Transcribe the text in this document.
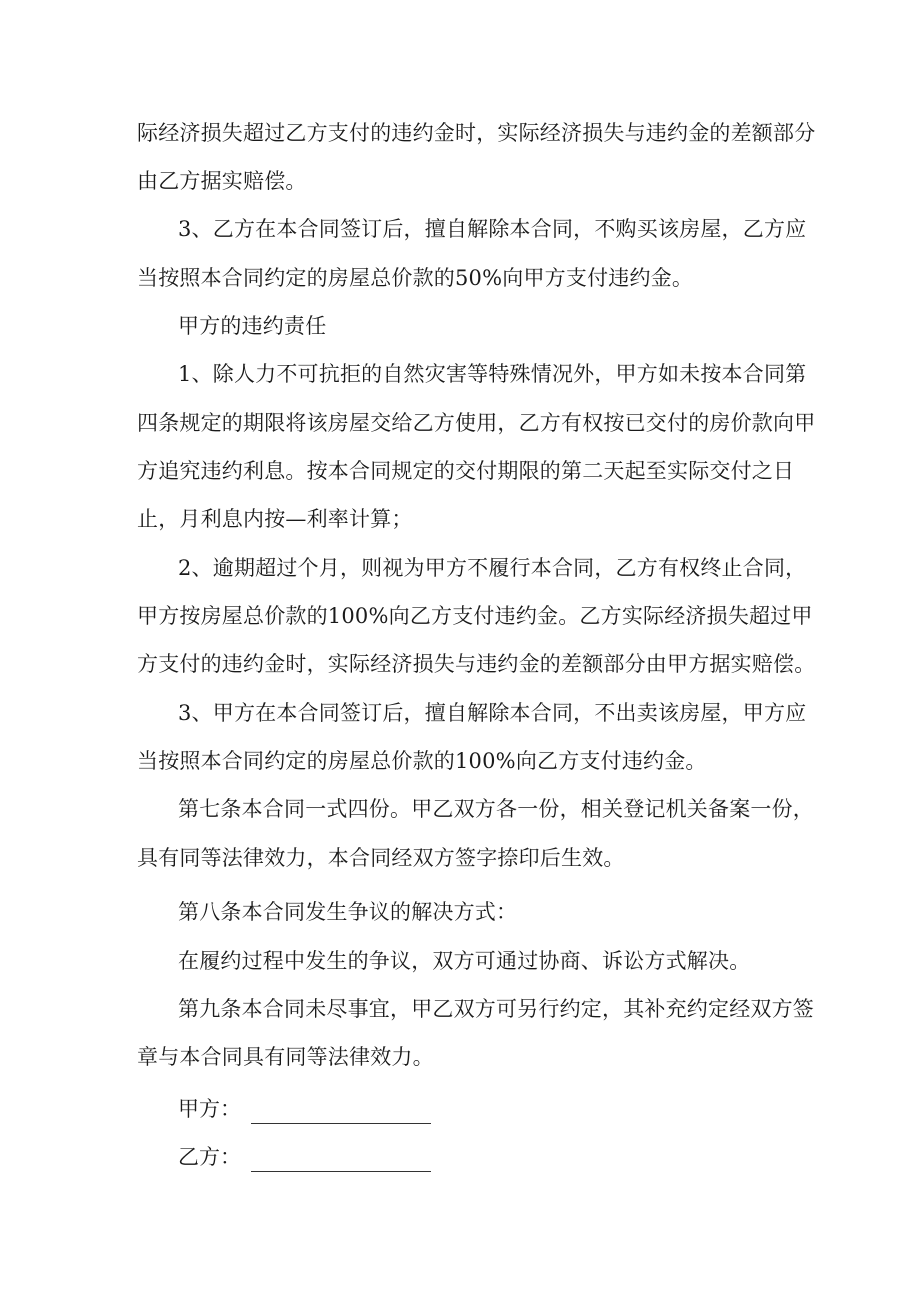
际经济损失超过乙方支付的违约金时，实际经济损失与违约金的差额部分
由乙方据实赔偿。
3、乙方在本合同签订后，擅自解除本合同，不购买该房屋，乙方应
当按照本合同约定的房屋总价款的50%向甲方支付违约金。
甲方的违约责任
1、除人力不可抗拒的自然灾害等特殊情况外，甲方如未按本合同第
四条规定的期限将该房屋交给乙方使用，乙方有权按已交付的房价款向甲
方追究违约利息。按本合同规定的交付期限的第二天起至实际交付之日
止，月利息内按—利率计算；
2、逾期超过个月，则视为甲方不履行本合同，乙方有权终止合同，
甲方按房屋总价款的100%向乙方支付违约金。乙方实际经济损失超过甲
方支付的违约金时，实际经济损失与违约金的差额部分由甲方据实赔偿。
3、甲方在本合同签订后，擅自解除本合同，不出卖该房屋，甲方应
当按照本合同约定的房屋总价款的100%向乙方支付违约金。
第七条本合同一式四份。甲乙双方各一份，相关登记机关备案一份，
具有同等法律效力，本合同经双方签字捺印后生效。
第八条本合同发生争议的解决方式：
在履约过程中发生的争议，双方可通过协商、诉讼方式解决。
第九条本合同未尽事宜，甲乙双方可另行约定，其补充约定经双方签
章与本合同具有同等法律效力。
甲方：
乙方：
